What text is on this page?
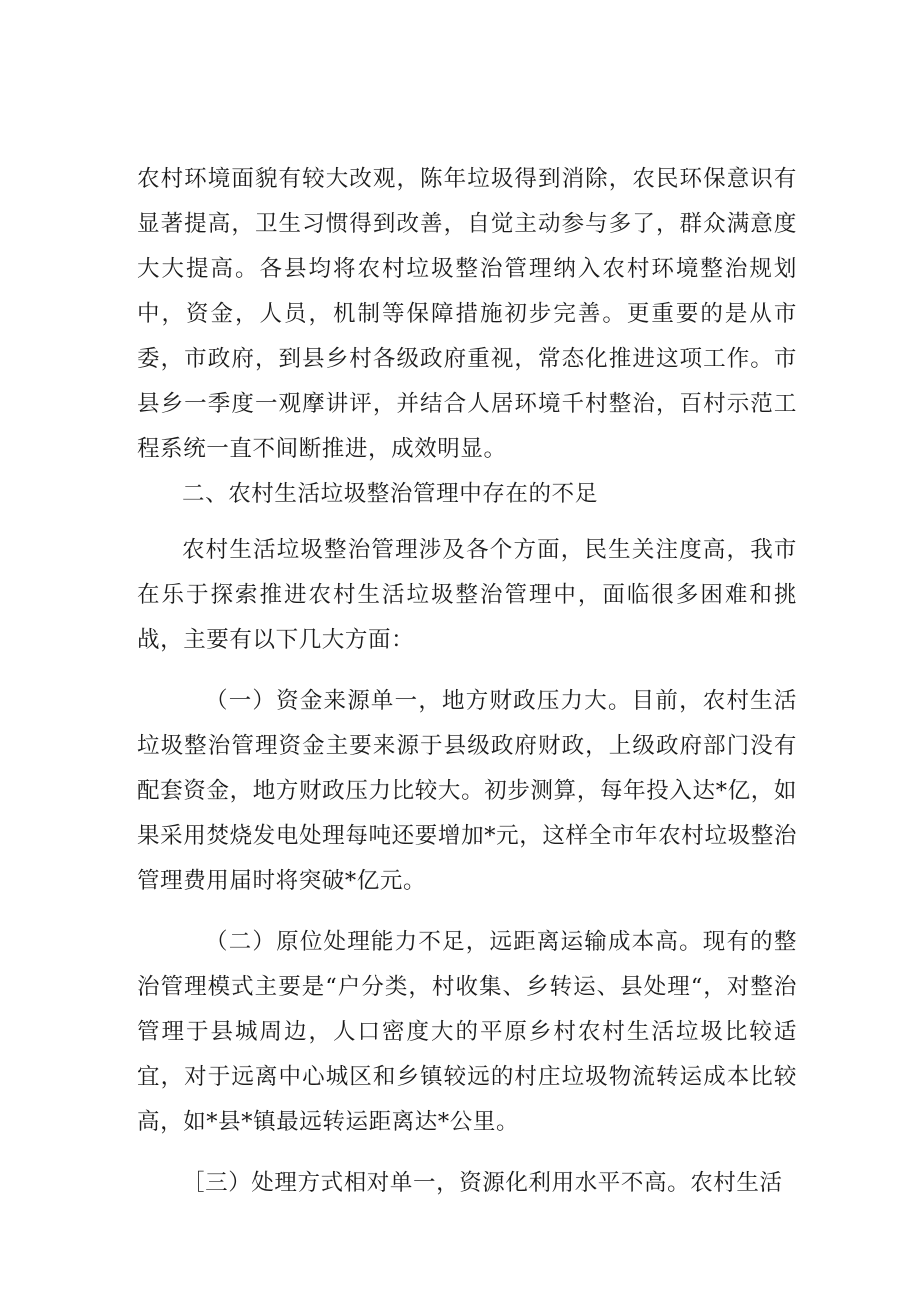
农村环境面貌有较大改观，陈年垃圾得到消除，农民环保意识有显著提高，卫生习惯得到改善，自觉主动参与多了，群众满意度大大提高。各县均将农村垃圾整治管理纳入农村环境整治规划中，资金，人员，机制等保障措施初步完善。更重要的是从市委，市政府，到县乡村各级政府重视，常态化推进这项工作。市县乡一季度一观摩讲评，并结合人居环境千村整治，百村示范工程系统一直不间断推进，成效明显。

二、农村生活垃圾整治管理中存在的不足

农村生活垃圾整治管理涉及各个方面，民生关注度高，我市在乐于探索推进农村生活垃圾整治管理中，面临很多困难和挑战，主要有以下几大方面：

（一）资金来源单一，地方财政压力大。目前，农村生活垃圾整治管理资金主要来源于县级政府财政，上级政府部门没有配套资金，地方财政压力比较大。初步测算，每年投入达*亿，如果采用焚烧发电处理每吨还要增加*元，这样全市年农村垃圾整治管理费用届时将突破*亿元。

（二）原位处理能力不足，远距离运输成本高。现有的整治管理模式主要是“户分类，村收集、乡转运、县处理“，对整治管理于县城周边，人口密度大的平原乡村农村生活垃圾比较适宜，对于远离中心城区和乡镇较远的村庄垃圾物流转运成本比较高，如*县*镇最远转运距离达*公里。

［三）处理方式相对单一，资源化利用水平不高。农村生活
